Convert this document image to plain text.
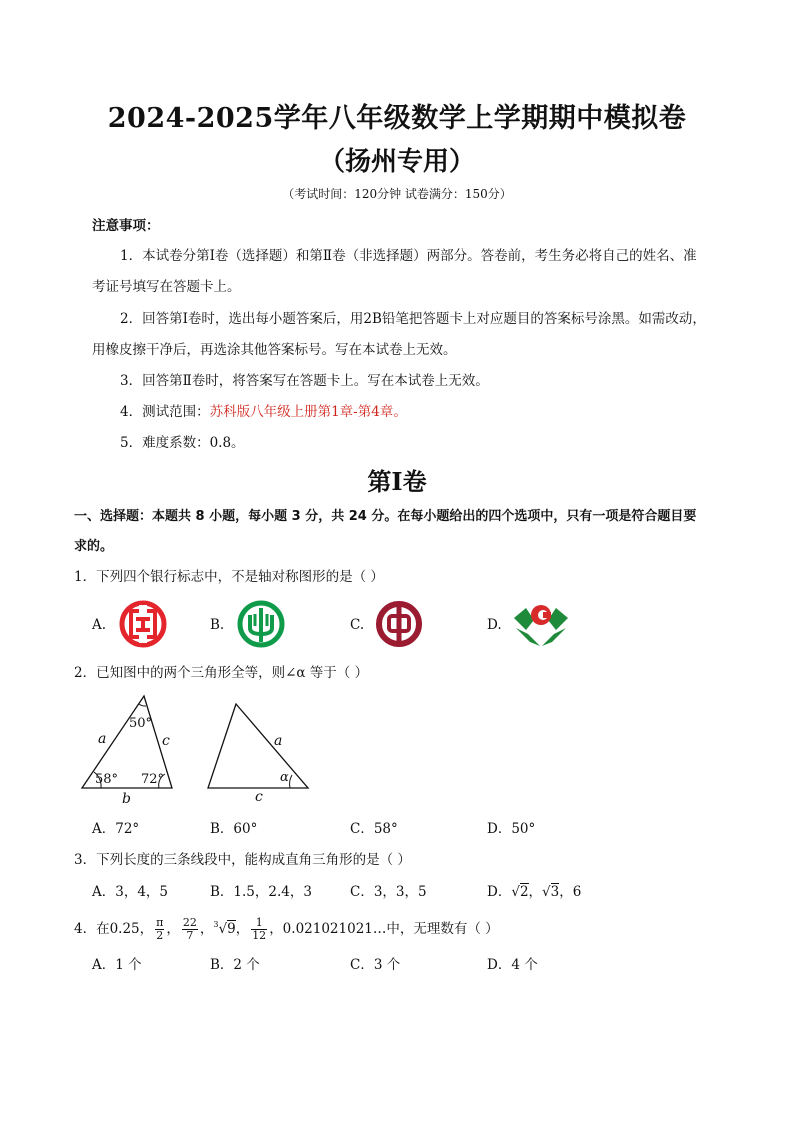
2024-2025学年八年级数学上学期期中模拟卷
（扬州专用）
（考试时间：120分钟 试卷满分：150分）
注意事项：
1．本试卷分第Ⅰ卷（选择题）和第Ⅱ卷（非选择题）两部分。答卷前，考生务必将自己的姓名、准
考证号填写在答题卡上。
2．回答第Ⅰ卷时，选出每小题答案后，用2B铅笔把答题卡上对应题目的答案标号涂黑。如需改动，
用橡皮擦干净后，再选涂其他答案标号。写在本试卷上无效。
3．回答第Ⅱ卷时，将答案写在答题卡上。写在本试卷上无效。
4．测试范围：苏科版八年级上册第1章-第4章。
5．难度系数：0.8。
第Ⅰ卷
一、选择题：本题共 8 小题，每小题 3 分，共 24 分。在每小题给出的四个选项中，只有一项是符合题目要
求的。
1．下列四个银行标志中，不是轴对称图形的是（ ）
A.	B.	C.	D.
2．已知图中的两个三角形全等，则∠α 等于（ ）
50°
a	c
58° 72°
b
a
α
c
A．72°	B．60°	C．58°	D．50°
3．下列长度的三条线段中，能构成直角三角形的是（ ）
A．3，4，5	B．1.5，2.4，3	C．3，3，5	D．√2，√3，6
4．在0.25， $\frac{\pi}{2}$ ， $\frac{22}{7}$ ，$^3$√9， $\frac{1}{12}$ ，0.021021021…中，无理数有（ ）
A．1 个	B．2 个	C．3 个	D．4 个
